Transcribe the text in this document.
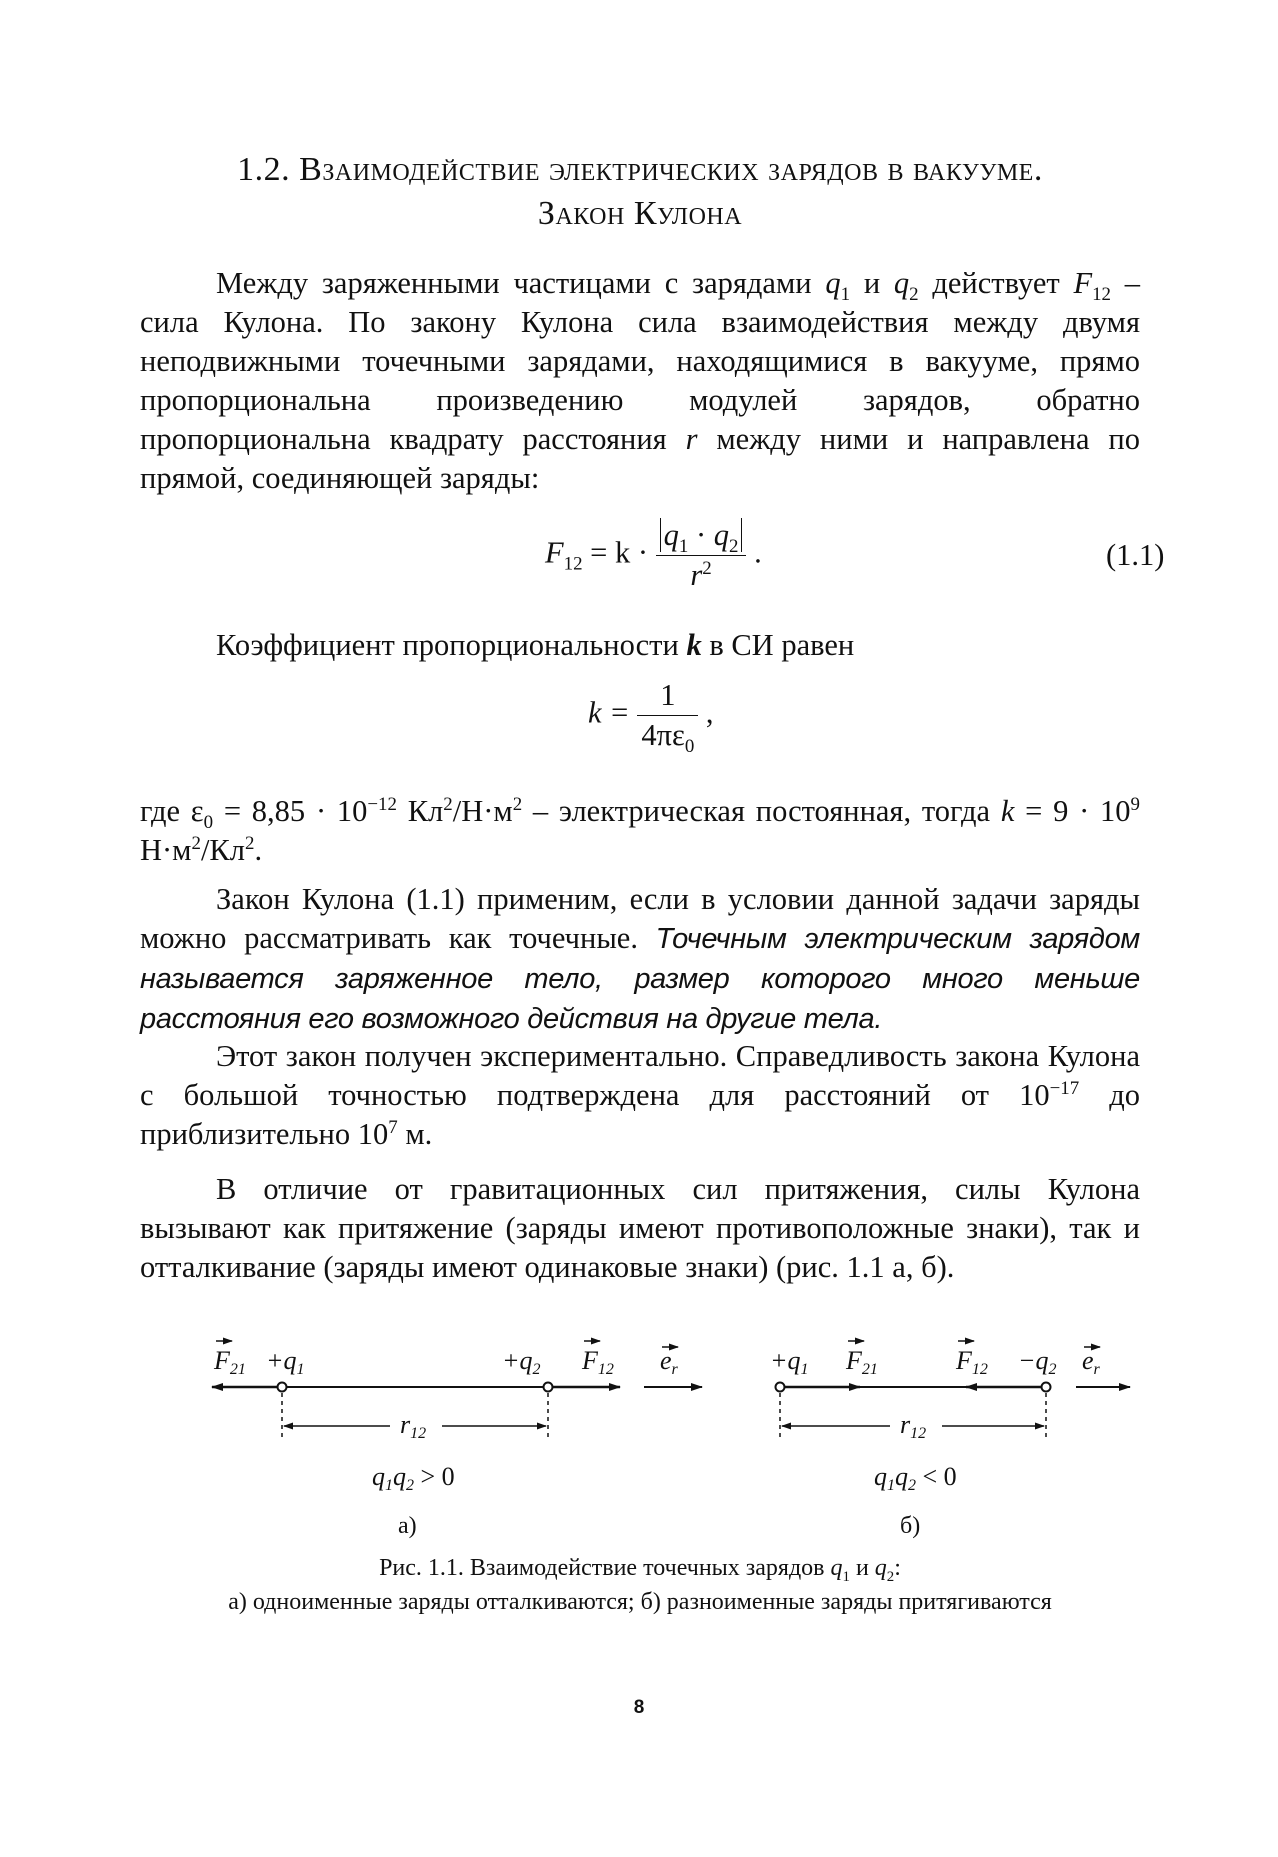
1.2. Взаимодействие электрических зарядов в вакууме.
Закон Кулона

Между заряженными частицами с зарядами $q_1$ и $q_2$ действует $F_{12}$ – сила Кулона. По закону Кулона сила взаимодействия между двумя неподвижными точечными зарядами, находящимися в вакууме, прямо пропорциональна произведению модулей зарядов, обратно пропорциональна квадрату расстояния r между ними и направлена по прямой, соединяющей заряды:

$F_{12} = k \cdot \frac{q_1 \cdot q_2}{r^2}$ .	(1.1)

Коэффициент пропорциональности k в СИ равен

$k = \frac{1}{4\pi\varepsilon_0}$ ,

где $\varepsilon_0 = 8,85 \cdot 10^{-12}$ $Кл^2/Н\cdot м^2$ – электрическая постоянная, тогда $k = 9 \cdot 10^9$ $Н\cdot м^2/Кл^2$.

Закон Кулона (1.1) применим, если в условии данной задачи заряды можно рассматривать как точечные. Точечным электрическим зарядом называется заряженное тело, размер которого много меньше расстояния его возможного действия на другие тела.

Этот закон получен экспериментально. Справедливость закона Кулона с большой точностью подтверждена для расстояний от $10^{-17}$ до приблизительно $10^7$ м.

В отличие от гравитационных сил притяжения, силы Кулона вызывают как притяжение (заряды имеют противоположные знаки), так и отталкивание (заряды имеют одинаковые знаки) (рис. 1.1 а, б).

F21 +q1	+q2 F12 er
r12
q1q2 > 0
а)
+q1 F21	F12 −q2 er
r12
q1q2 < 0
б)
Рис. 1.1. Взаимодействие точечных зарядов $q_1$ и $q_2$:
а) одноименные заряды отталкиваются; б) разноименные заряды притягиваются
8
